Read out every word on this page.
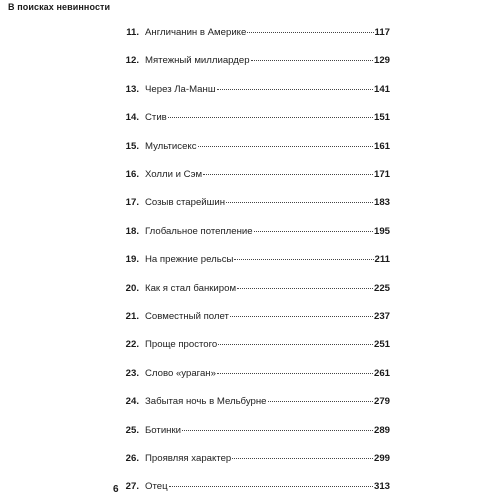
В поисках невинности
11. Англичанин в Америке	117
12. Мятежный миллиардер	129
13. Через Ла-Манш	141
14. Стив	151
15. Мультисекс	161
16. Холли и Сэм	171
17. Созыв старейшин	183
18. Глобальное потепление	195
19. На прежние рельсы	211
20. Как я стал банкиром	225
21. Совместный полет	237
22. Проще простого	251
23. Слово «ураган»	261
24. Забытая ночь в Мельбурне	279
25. Ботинки	289
26. Проявляя характер	299
27. Отец	313
6
